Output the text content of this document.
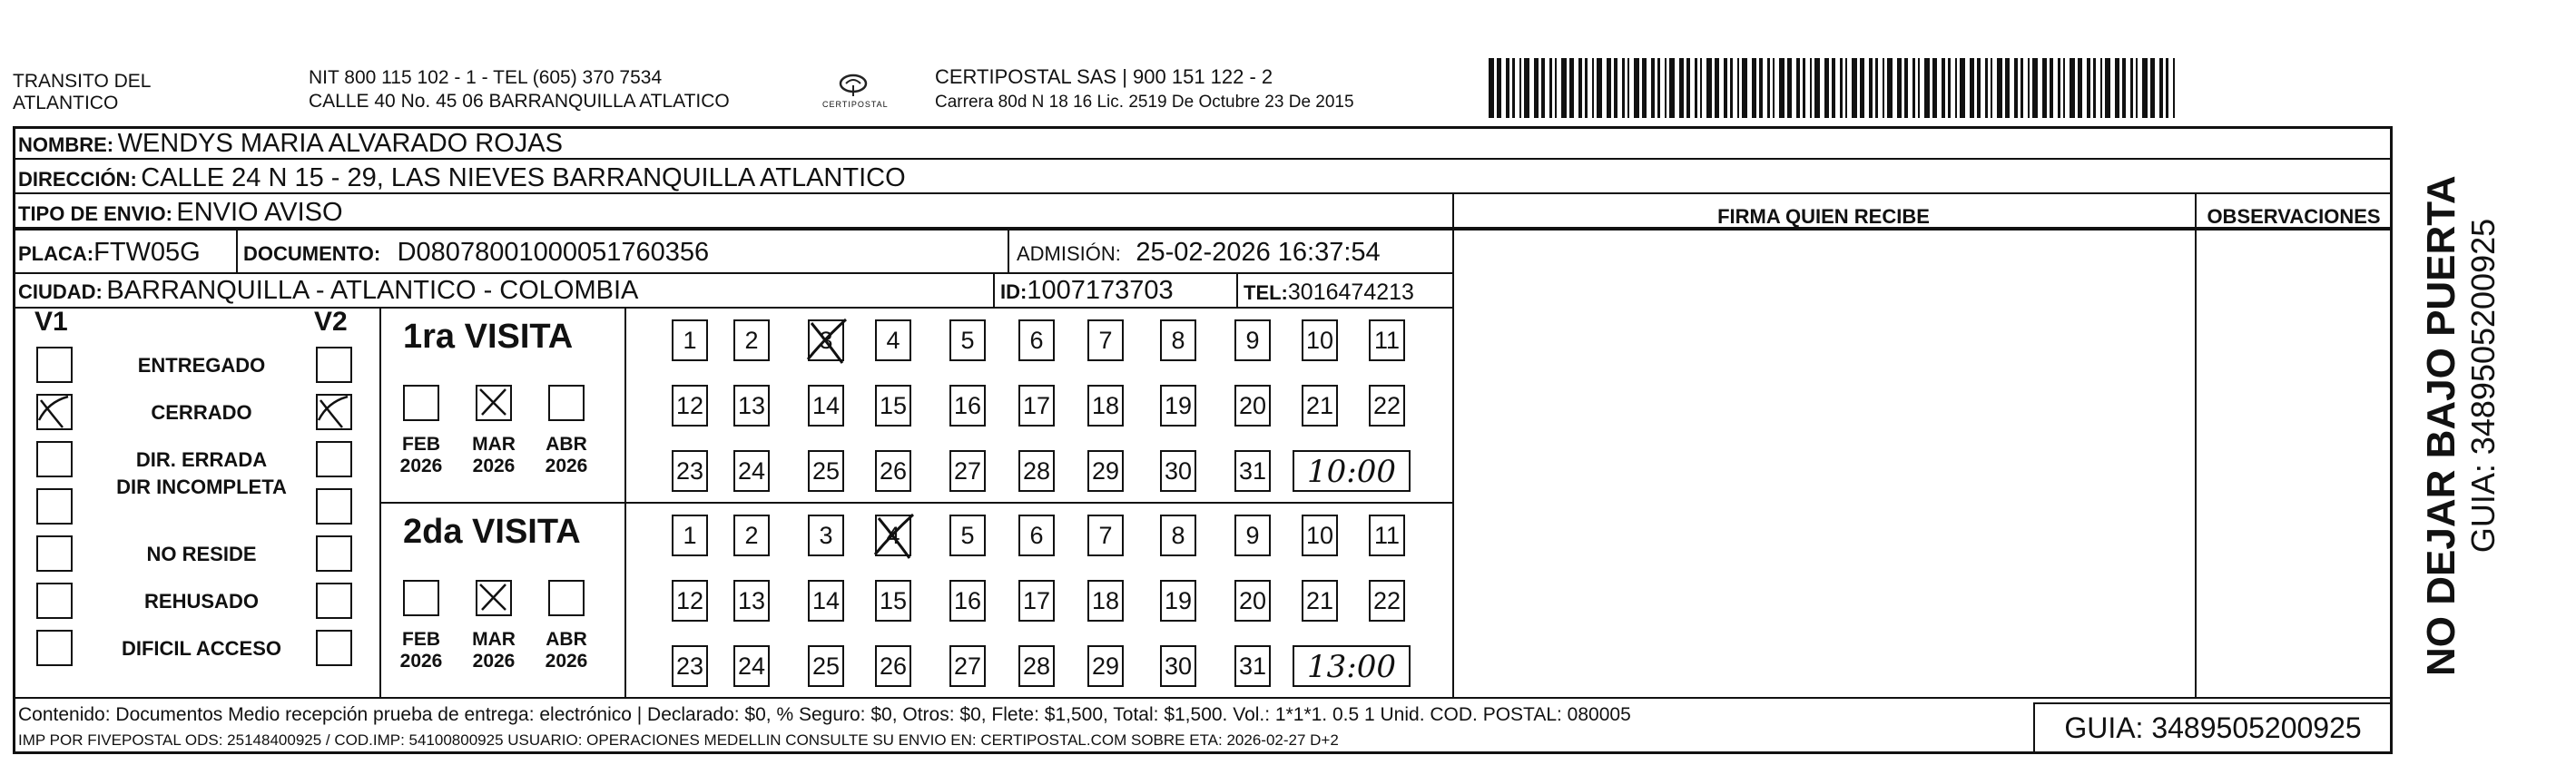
TRANSITO DEL
ATLANTICO
NIT 800 115 102 - 1 - TEL (605) 370 7534
CALLE 40 No. 45 06 BARRANQUILLA ATLATICO	CERTIPOSTAL
CERTIPOSTAL SAS | 900 151 122 - 2
Carrera 80d N 18 16 Lic. 2519 De Octubre 23 De 2015
NOMBRE: WENDYS MARIA ALVARADO ROJAS
DIRECCIÓN: CALLE 24 N 15 - 29, LAS NIEVES BARRANQUILLA ATLANTICO
TIPO DE ENVIO: ENVIO AVISO	FIRMA QUIEN RECIBE	OBSERVACIONES
PLACA:FTW05G DOCUMENTO: D08078001000051760356	ADMISIÓN: 25-02-2026 16:37:54
CIUDAD: BARRANQUILLA - ATLANTICO - COLOMBIA	ID:1007173703	TEL:3016474213
V1	V2
ENTREGADO
CERRADO
DIR. ERRADA
DIR INCOMPLETA
NO RESIDE
REHUSADO
DIFICIL ACCESO
1ra VISITA
FEB
2026
MAR
2026
ABR
2026
1	2	3	4	5	6	7	8	9	10 11
12 13 14 15 16 17 18 19 20 21 22
23 24 25 26 27 28 29 30 31	10:00
2da VISITA
FEB
2026
MAR
2026
ABR
2026
1	2	3	4	5	6	7	8	9	10 11
12 13 14 15 16 17 18 19 20 21 22
23 24 25 26 27 28 29 30 31	13:00
Contenido: Documentos Medio recepción prueba de entrega: electrónico | Declarado: $0, % Seguro: $0, Otros: $0, Flete: $1,500, Total: $1,500. Vol.: 1*1*1. 0.5 1 Unid. COD. POSTAL: 080005
IMP POR FIVEPOSTAL ODS: 25148400925 / COD.IMP: 54100800925 USUARIO: OPERACIONES MEDELLIN CONSULTE SU ENVIO EN: CERTIPOSTAL.COM SOBRE ETA: 2026-02-27 D+2	GUIA: 3489505200925
NO DEJAR BAJO PUERTA GUIA: 3489505200925
